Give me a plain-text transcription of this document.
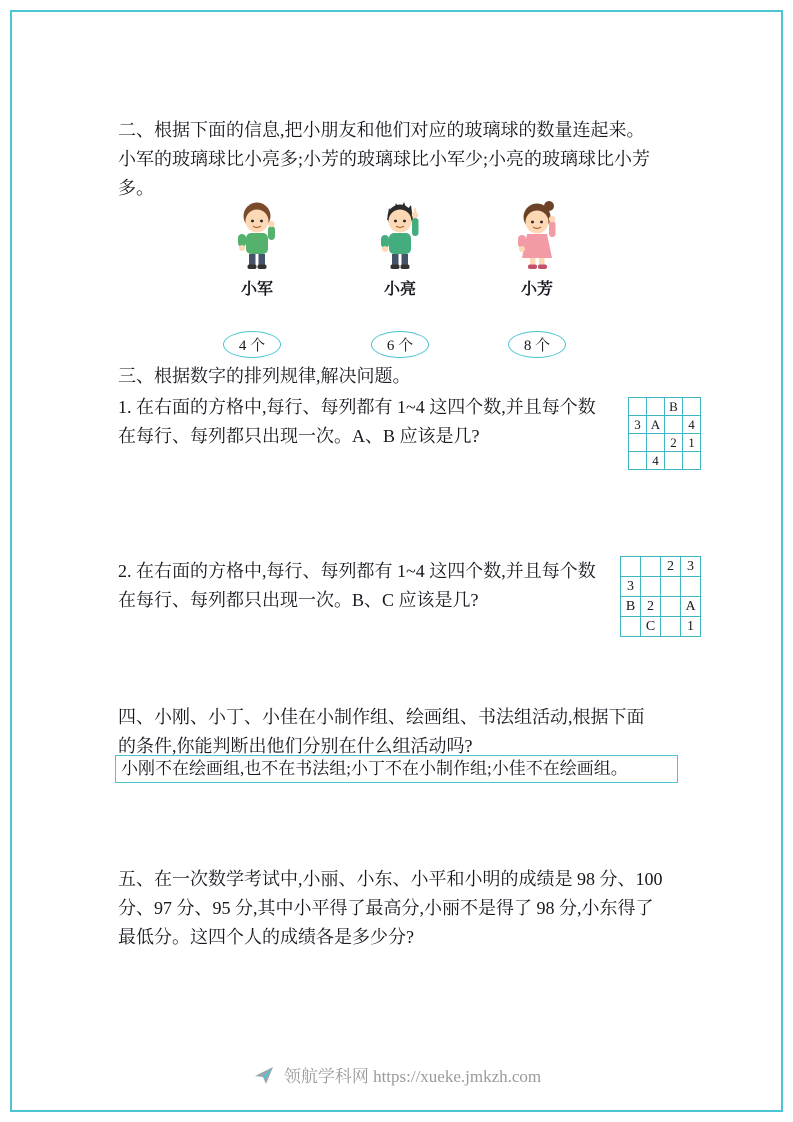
二、根据下面的信息,把小朋友和他们对应的玻璃球的数量连起来。
小军的玻璃球比小亮多;小芳的玻璃球比小军少;小亮的玻璃球比小芳
多。
小军	小亮	小芳
4 个	6 个	8 个
三、根据数字的排列规律,解决问题。
1. 在右面的方格中,每行、每列都有 1~4 这四个数,并且每个数
在每行、每列都只出现一次。A、B 应该是几?
		B	
3	A		4
		2	1
	4		
2. 在右面的方格中,每行、每列都有 1~4 这四个数,并且每个数
在每行、每列都只出现一次。B、C 应该是几?
		2	3
3			
B	2		A
	C		1
四、小刚、小丁、小佳在小制作组、绘画组、书法组活动,根据下面
的条件,你能判断出他们分别在什么组活动吗?
小刚不在绘画组,也不在书法组;小丁不在小制作组;小佳不在绘画组。
五、在一次数学考试中,小丽、小东、小平和小明的成绩是 98 分、100
分、97 分、95 分,其中小平得了最高分,小丽不是得了 98 分,小东得了
最低分。这四个人的成绩各是多少分?
领航学科网 https://xueke.jmkzh.com
